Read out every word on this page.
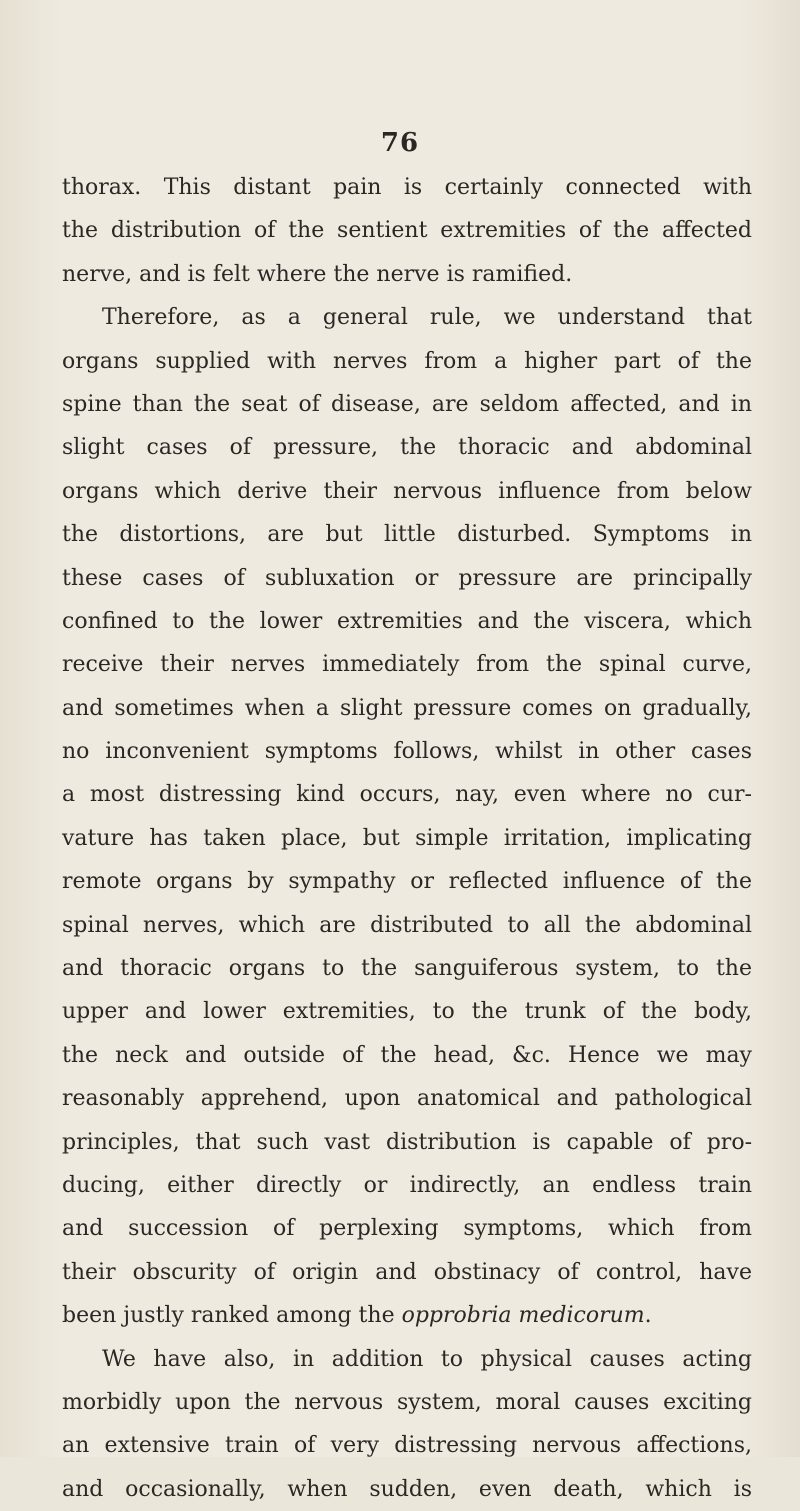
76
thorax. This distant pain is certainly connected with
the distribution of the sentient extremities of the affected
nerve, and is felt where the nerve is ramified.
Therefore, as a general rule, we understand that
organs supplied with nerves from a higher part of the
spine than the seat of disease, are seldom affected, and in
slight cases of pressure, the thoracic and abdominal
organs which derive their nervous influence from below
the distortions, are but little disturbed. Symptoms in
these cases of subluxation or pressure are principally
confined to the lower extremities and the viscera, which
receive their nerves immediately from the spinal curve,
and sometimes when a slight pressure comes on gradually,
no inconvenient symptoms follows, whilst in other cases
a most distressing kind occurs, nay, even where no cur-
vature has taken place, but simple irritation, implicating
remote organs by sympathy or reflected influence of the
spinal nerves, which are distributed to all the abdominal
and thoracic organs to the sanguiferous system, to the
upper and lower extremities, to the trunk of the body,
the neck and outside of the head, &c. Hence we may
reasonably apprehend, upon anatomical and pathological
principles, that such vast distribution is capable of pro-
ducing, either directly or indirectly, an endless train
and succession of perplexing symptoms, which from
their obscurity of origin and obstinacy of control, have
been justly ranked among the opprobria medicorum.
We have also, in addition to physical causes acting
morbidly upon the nervous system, moral causes exciting
an extensive train of very distressing nervous affections,
and occasionally, when sudden, even death, which is
